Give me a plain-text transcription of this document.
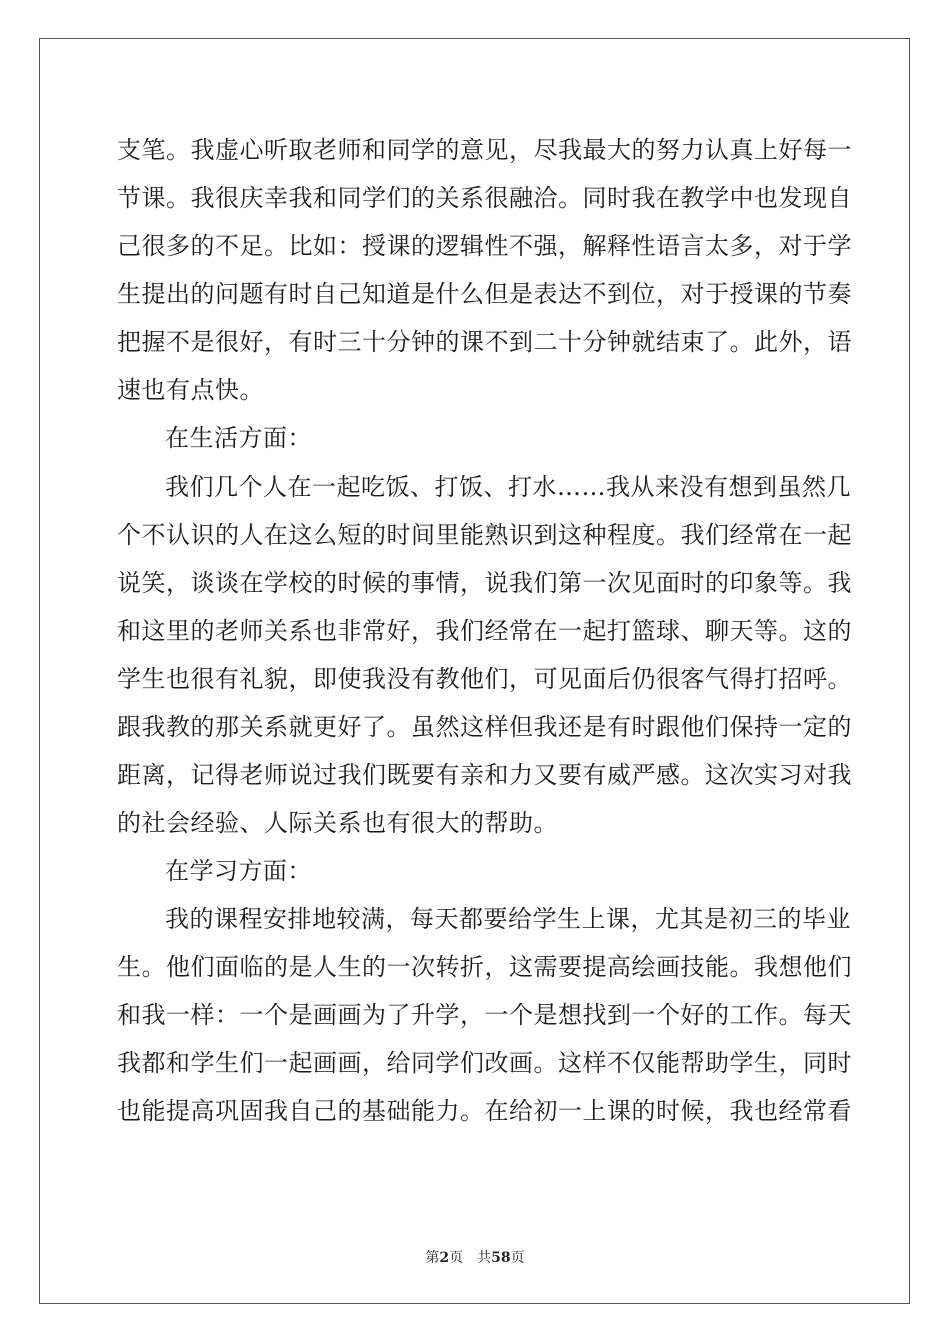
支笔。我虚心听取老师和同学的意见，尽我最大的努力认真上好每一
节课。我很庆幸我和同学们的关系很融洽。同时我在教学中也发现自
己很多的不足。比如：授课的逻辑性不强，解释性语言太多，对于学
生提出的问题有时自己知道是什么但是表达不到位，对于授课的节奏
把握不是很好，有时三十分钟的课不到二十分钟就结束了。此外，语
速也有点快。
在生活方面：
我们几个人在一起吃饭、打饭、打水……我从来没有想到虽然几
个不认识的人在这么短的时间里能熟识到这种程度。我们经常在一起
说笑，谈谈在学校的时候的事情，说我们第一次见面时的印象等。我
和这里的老师关系也非常好，我们经常在一起打篮球、聊天等。这的
学生也很有礼貌，即使我没有教他们，可见面后仍很客气得打招呼。
跟我教的那关系就更好了。虽然这样但我还是有时跟他们保持一定的
距离，记得老师说过我们既要有亲和力又要有威严感。这次实习对我
的社会经验、人际关系也有很大的帮助。
在学习方面：
我的课程安排地较满，每天都要给学生上课，尤其是初三的毕业
生。他们面临的是人生的一次转折，这需要提高绘画技能。我想他们
和我一样：一个是画画为了升学，一个是想找到一个好的工作。每天
我都和学生们一起画画，给同学们改画。这样不仅能帮助学生，同时
也能提高巩固我自己的基础能力。在给初一上课的时候，我也经常看
第2页　共58页
